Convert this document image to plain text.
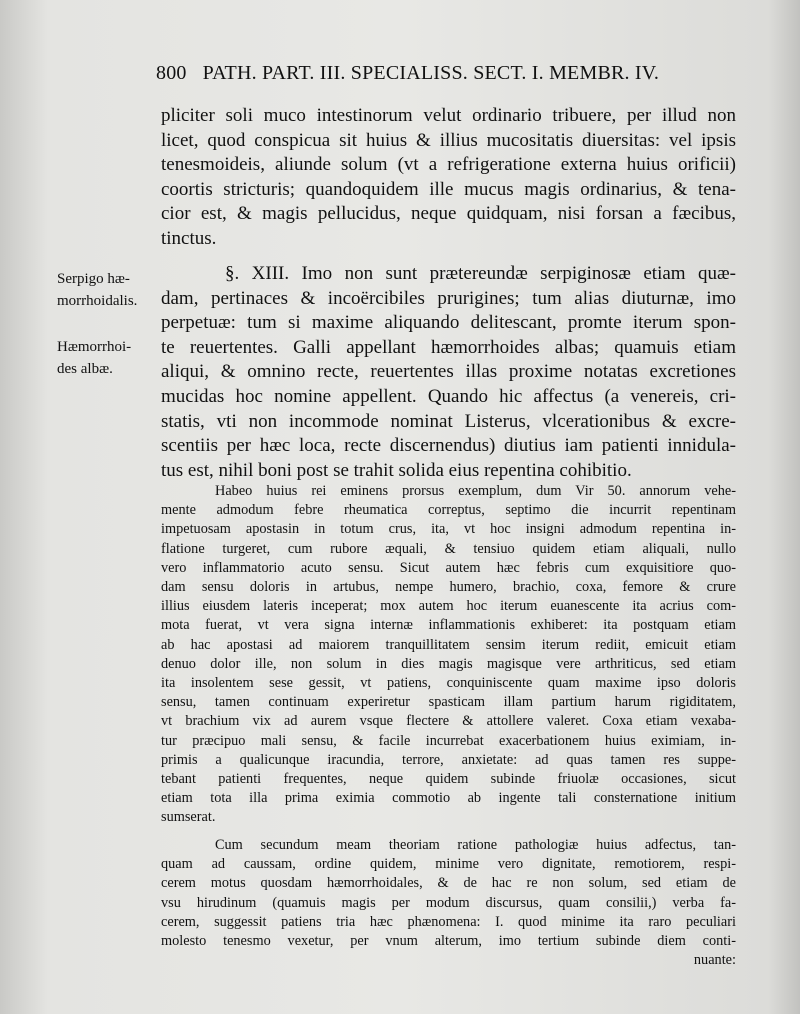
800 PATH. PART. III. SPECIALISS. SECT. I. MEMBR. IV.
Serpigo hæ-
morrhoidalis.
Hæmorrhoi-
des albæ.
pliciter soli muco intestinorum velut ordinario tribuere, per illud non
licet, quod conspicua sit huius & illius mucositatis diuersitas: vel ipsis
tenesmoideis, aliunde solum (vt a refrigeratione externa huius orificii)
coortis stricturis; quandoquidem ille mucus magis ordinarius, & tena-
cior est, & magis pellucidus, neque quidquam, nisi forsan a fæcibus,
tinctus.
§. XIII. Imo non sunt prætereundæ serpiginosæ etiam quæ-
dam, pertinaces & incoërcibiles prurigines; tum alias diuturnæ, imo
perpetuæ: tum si maxime aliquando delitescant, promte iterum spon-
te reuertentes. Galli appellant hæmorrhoides albas; quamuis etiam
aliqui, & omnino recte, reuertentes illas proxime notatas excretiones
mucidas hoc nomine appellent. Quando hic affectus (a venereis, cri-
statis, vti non incommode nominat Listerus, vlcerationibus & excre-
scentiis per hæc loca, recte discernendus) diutius iam patienti innidula-
tus est, nihil boni post se trahit solida eius repentina cohibitio.
Habeo huius rei eminens prorsus exemplum, dum Vir 50. annorum vehe-
mente admodum febre rheumatica correptus, septimo die incurrit repentinam
impetuosam apostasin in totum crus, ita, vt hoc insigni admodum repentina in-
flatione turgeret, cum rubore æquali, & tensiuo quidem etiam aliquali, nullo
vero inflammatorio acuto sensu. Sicut autem hæc febris cum exquisitiore quo-
dam sensu doloris in artubus, nempe humero, brachio, coxa, femore & crure
illius eiusdem lateris inceperat; mox autem hoc iterum euanescente ita acrius com-
mota fuerat, vt vera signa internæ inflammationis exhiberet: ita postquam etiam
ab hac apostasi ad maiorem tranquillitatem sensim iterum rediit, emicuit etiam
denuo dolor ille, non solum in dies magis magisque vere arthriticus, sed etiam
ita insolentem sese gessit, vt patiens, conquiniscente quam maxime ipso doloris
sensu, tamen continuam experiretur spasticam illam partium harum rigiditatem,
vt brachium vix ad aurem vsque flectere & attollere valeret. Coxa etiam vexaba-
tur præcipuo mali sensu, & facile incurrebat exacerbationem huius eximiam, in-
primis a qualicunque iracundia, terrore, anxietate: ad quas tamen res suppe-
tebant patienti frequentes, neque quidem subinde friuolæ occasiones, sicut
etiam tota illa prima eximia commotio ab ingente tali consternatione initium
sumserat.
Cum secundum meam theoriam ratione pathologiæ huius adfectus, tan-
quam ad caussam, ordine quidem, minime vero dignitate, remotiorem, respi-
cerem motus quosdam hæmorrhoidales, & de hac re non solum, sed etiam de
vsu hirudinum (quamuis magis per modum discursus, quam consilii,) verba fa-
cerem, suggessit patiens tria hæc phænomena: I. quod minime ita raro peculiari
molesto tenesmo vexetur, per vnum alterum, imo tertium subinde diem conti-
nuante:
